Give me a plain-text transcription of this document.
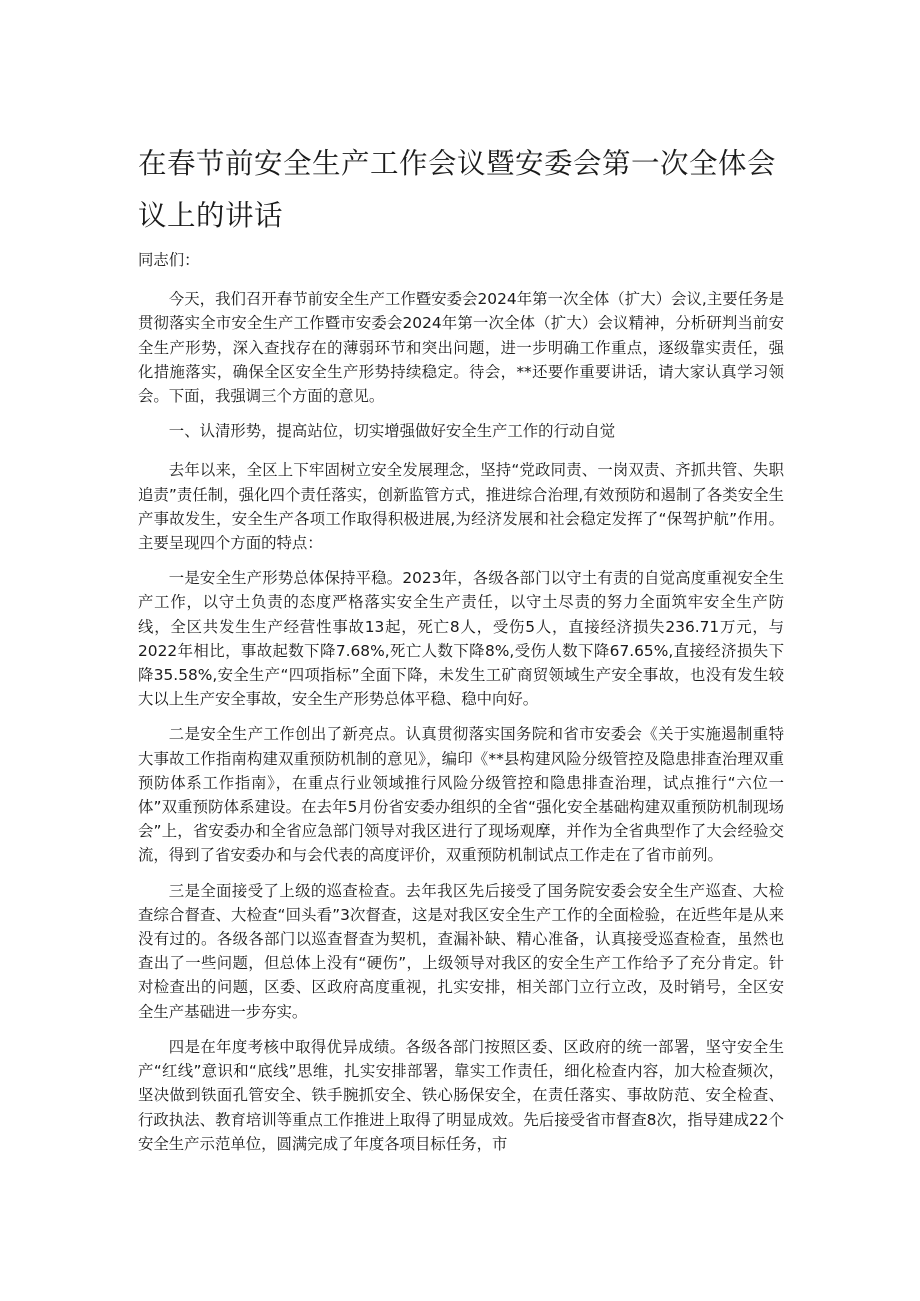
在春节前安全生产工作会议暨安委会第一次全体会议上的讲话

同志们：

今天，我们召开春节前安全生产工作暨安委会2024年第一次全体（扩大）会议,主要任务是贯彻落实全市安全生产工作暨市安委会2024年第一次全体（扩大）会议精神，分析研判当前安全生产形势，深入查找存在的薄弱环节和突出问题，进一步明确工作重点，逐级靠实责任，强化措施落实，确保全区安全生产形势持续稳定。待会，**还要作重要讲话，请大家认真学习领会。下面，我强调三个方面的意见。

一、认清形势，提高站位，切实增强做好安全生产工作的行动自觉

去年以来，全区上下牢固树立安全发展理念，坚持“党政同责、一岗双责、齐抓共管、失职追责”责任制，强化四个责任落实，创新监管方式，推进综合治理,有效预防和遏制了各类安全生产事故发生，安全生产各项工作取得积极进展,为经济发展和社会稳定发挥了“保驾护航”作用。主要呈现四个方面的特点：

一是安全生产形势总体保持平稳。2023年，各级各部门以守土有责的自觉高度重视安全生产工作，以守土负责的态度严格落实安全生产责任，以守土尽责的努力全面筑牢安全生产防线，全区共发生生产经营性事故13起，死亡8人，受伤5人，直接经济损失236.71万元，与2022年相比，事故起数下降7.68%,死亡人数下降8%,受伤人数下降67.65%,直接经济损失下降35.58%,安全生产“四项指标”全面下降，未发生工矿商贸领域生产安全事故，也没有发生较大以上生产安全事故，安全生产形势总体平稳、稳中向好。

二是安全生产工作创出了新亮点。认真贯彻落实国务院和省市安委会《关于实施遏制重特大事故工作指南构建双重预防机制的意见》，编印《**县构建风险分级管控及隐患排查治理双重预防体系工作指南》，在重点行业领域推行风险分级管控和隐患排查治理，试点推行“六位一体”双重预防体系建设。在去年5月份省安委办组织的全省“强化安全基础构建双重预防机制现场会”上，省安委办和全省应急部门领导对我区进行了现场观摩，并作为全省典型作了大会经验交流，得到了省安委办和与会代表的高度评价，双重预防机制试点工作走在了省市前列。

三是全面接受了上级的巡查检查。去年我区先后接受了国务院安委会安全生产巡查、大检查综合督查、大检查“回头看”3次督查，这是对我区安全生产工作的全面检验，在近些年是从来没有过的。各级各部门以巡查督查为契机，查漏补缺、精心准备，认真接受巡查检查，虽然也查出了一些问题，但总体上没有“硬伤”，上级领导对我区的安全生产工作给予了充分肯定。针对检查出的问题，区委、区政府高度重视，扎实安排，相关部门立行立改，及时销号，全区安全生产基础进一步夯实。

四是在年度考核中取得优异成绩。各级各部门按照区委、区政府的统一部署，坚守安全生产“红线”意识和“底线”思维，扎实安排部署，靠实工作责任，细化检查内容，加大检查频次，坚决做到铁面孔管安全、铁手腕抓安全、铁心肠保安全，在责任落实、事故防范、安全检查、行政执法、教育培训等重点工作推进上取得了明显成效。先后接受省市督查8次，指导建成22个安全生产示范单位，圆满完成了年度各项目标任务，市
